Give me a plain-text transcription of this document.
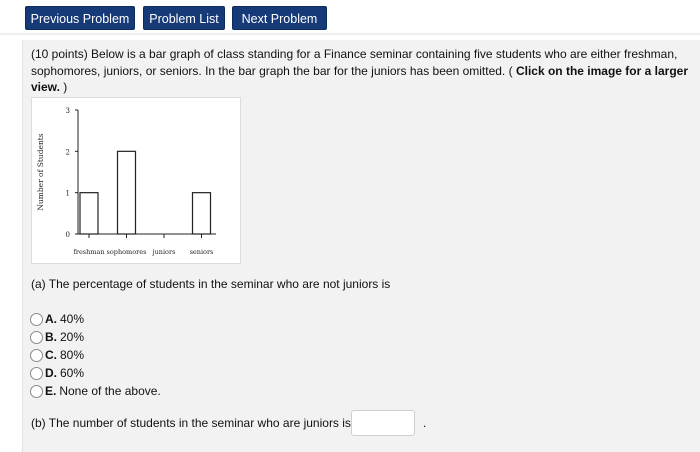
Previous Problem	Problem List	Next Problem
(10 points) Below is a bar graph of class standing for a Finance seminar containing five students who are either freshman, sophomores, juniors, or seniors. In the bar graph the bar for the juniors has been omitted. ( Click on the image for a larger view. )
0
1
2
3
Number of Students
freshman sophomores juniors seniors
(a) The percentage of students in the seminar who are not juniors is
A. 40%
B. 20%
C. 80%
D. 60%
E. None of the above.
(b) The number of students in the seminar who are juniors is	.
